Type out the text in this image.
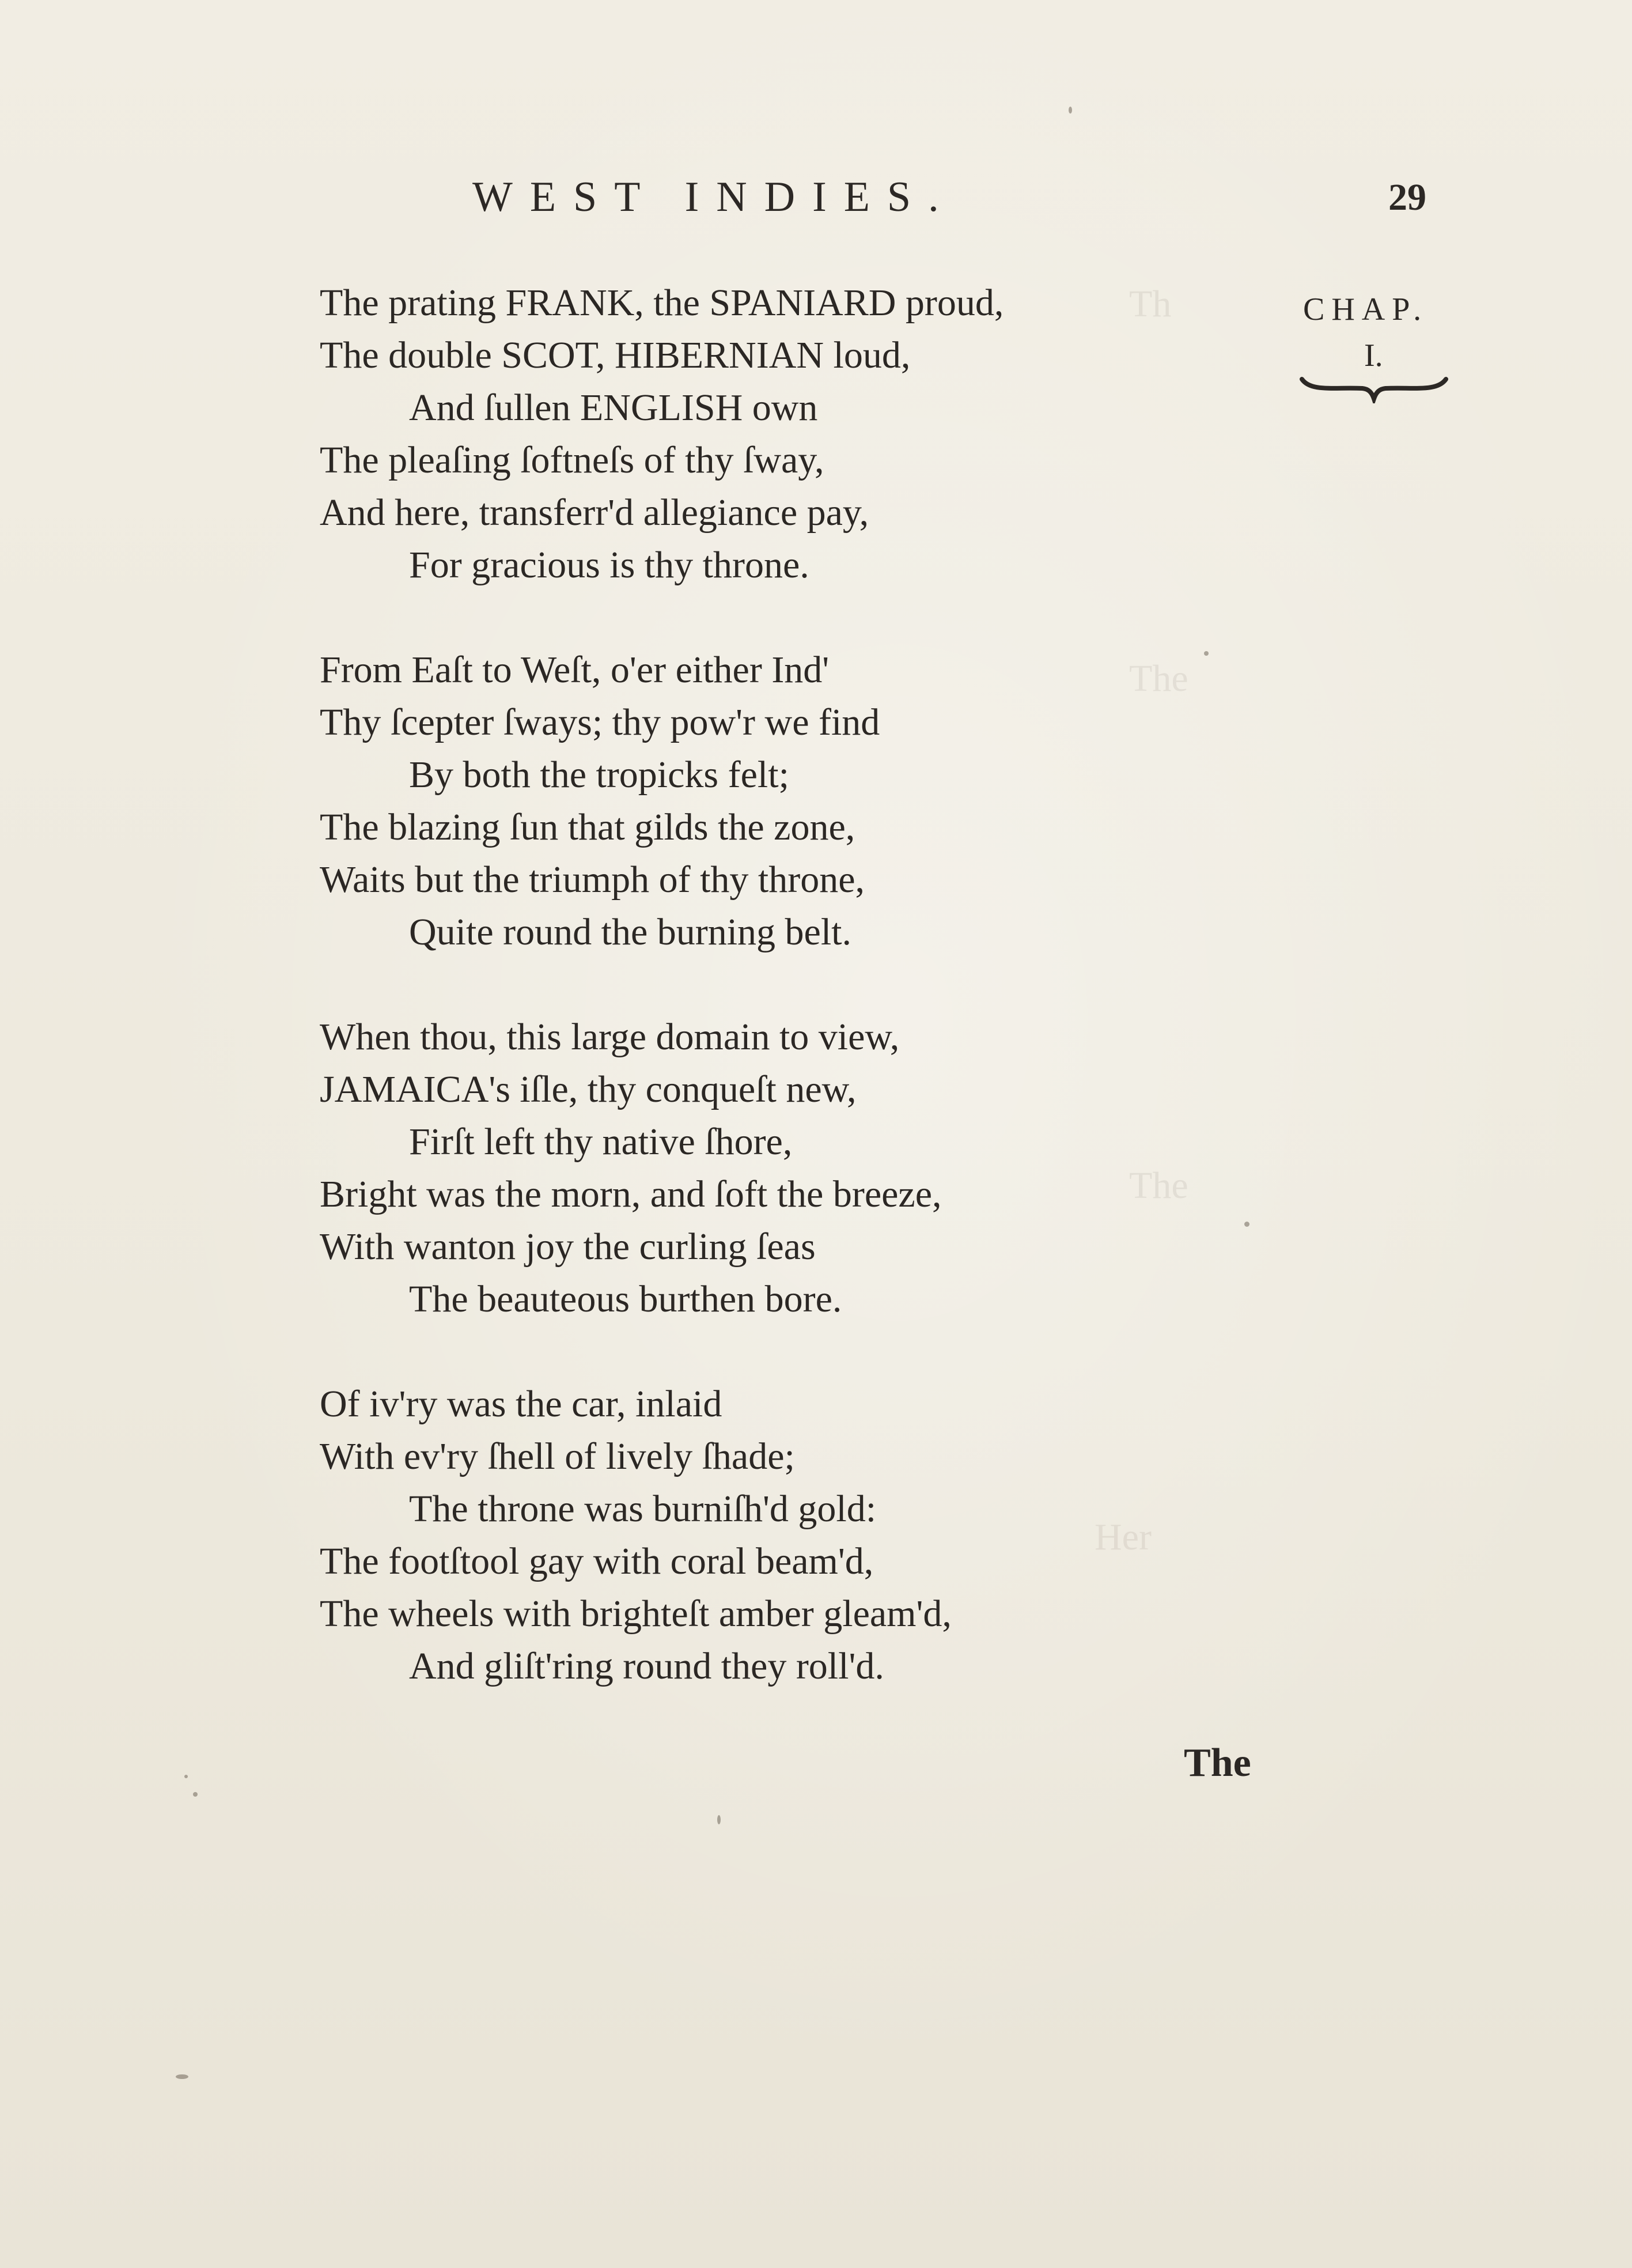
Th
The
The
Her
WEST INDIES.	29
CHAP.
I.
The prating FRANK, the SPANIARD proud,
The double SCOT, HIBERNIAN loud,
And ſullen ENGLISH own
The pleaſing ſoftneſs of thy ſway,
And here, transferr'd allegiance pay,
For gracious is thy throne.
From Eaſt to Weſt, o'er either Ind'
Thy ſcepter ſways; thy pow'r we find
By both the tropicks felt;
The blazing ſun that gilds the zone,
Waits but the triumph of thy throne,
Quite round the burning belt.
When thou, this large domain to view,
JAMAICA's iſle, thy conqueſt new,
Firſt left thy native ſhore,
Bright was the morn, and ſoft the breeze,
With wanton joy the curling ſeas
The beauteous burthen bore.
Of iv'ry was the car, inlaid
With ev'ry ſhell of lively ſhade;
The throne was burniſh'd gold:
The footſtool gay with coral beam'd,
The wheels with brighteſt amber gleam'd,
And gliſt'ring round they roll'd.
The
